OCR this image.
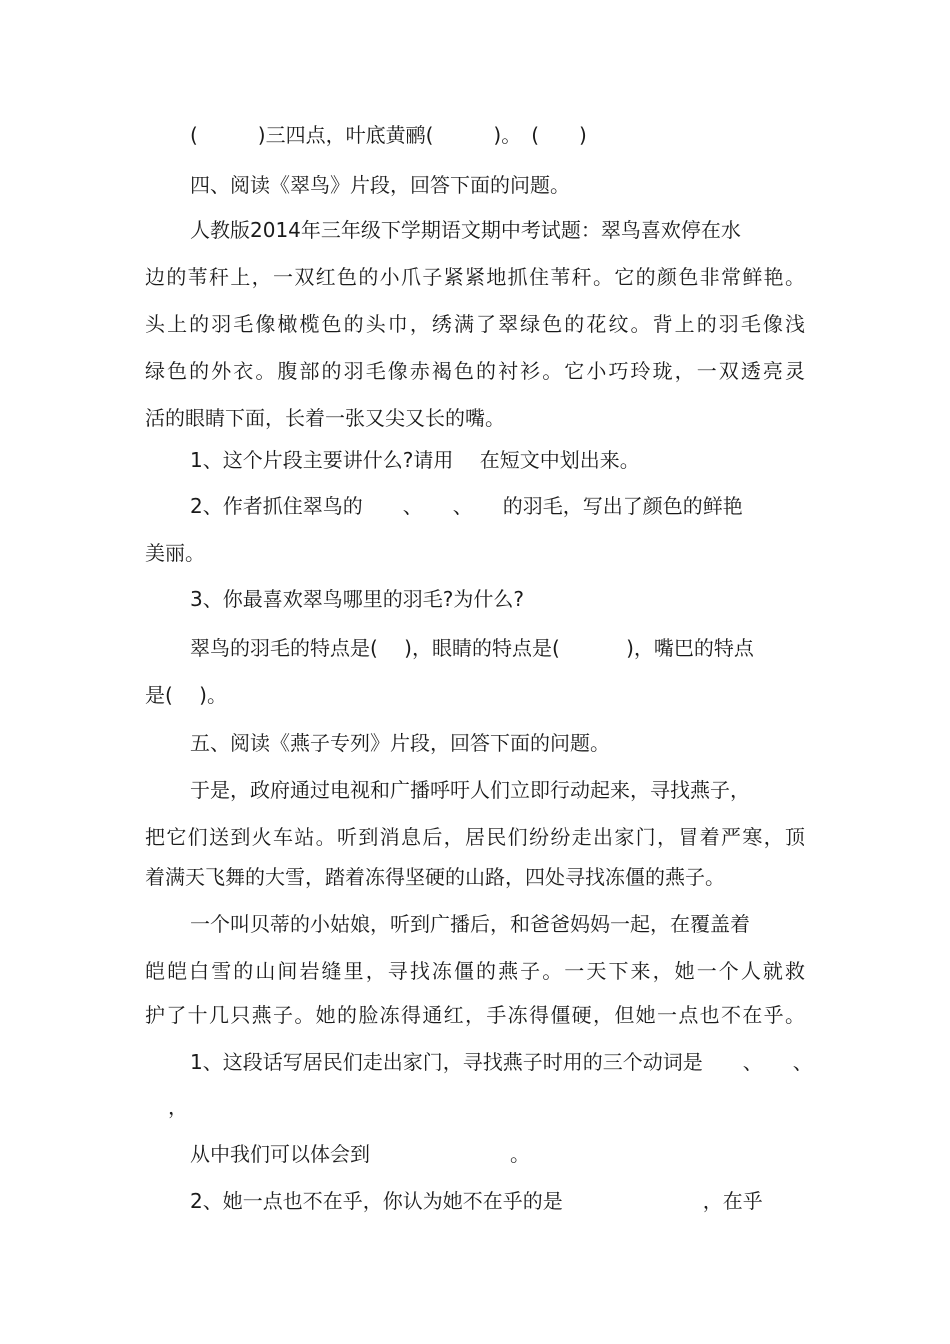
(　　　)三四点，叶底黄鹂(　　　)。　(　　)
四、阅读《翠鸟》片段，回答下面的问题。
人教版2014年三年级下学期语文期中考试题：翠鸟喜欢停在水
边的苇秆上，一双红色的小爪子紧紧地抓住苇秆。它的颜色非常鲜艳。
头上的羽毛像橄榄色的头巾，绣满了翠绿色的花纹。背上的羽毛像浅
绿色的外衣。腹部的羽毛像赤褐色的衬衫。它小巧玲珑，一双透亮灵
活的眼睛下面，长着一张又尖又长的嘴。
1、这个片段主要讲什么?请用　 在短文中划出来。
2、作者抓住翠鸟的　　、　　、　　的羽毛，写出了颜色的鲜艳
美丽。
3、你最喜欢翠鸟哪里的羽毛?为什么?
翠鸟的羽毛的特点是(　 )，眼睛的特点是(　　　 )，嘴巴的特点
是(　 )。
五、阅读《燕子专列》片段，回答下面的问题。
于是，政府通过电视和广播呼吁人们立即行动起来，寻找燕子，
把它们送到火车站。听到消息后，居民们纷纷走出家门，冒着严寒，顶
着满天飞舞的大雪，踏着冻得坚硬的山路，四处寻找冻僵的燕子。
一个叫贝蒂的小姑娘，听到广播后，和爸爸妈妈一起，在覆盖着
皑皑白雪的山间岩缝里，寻找冻僵的燕子。一天下来，她一个人就救
护了十几只燕子。她的脸冻得通红，手冻得僵硬，但她一点也不在乎。
1、这段话写居民们走出家门，寻找燕子时用的三个动词是　　、　　、
，
从中我们可以体会到　　　　　　　。
2、她一点也不在乎，你认为她不在乎的是　　　　　　　，在乎
